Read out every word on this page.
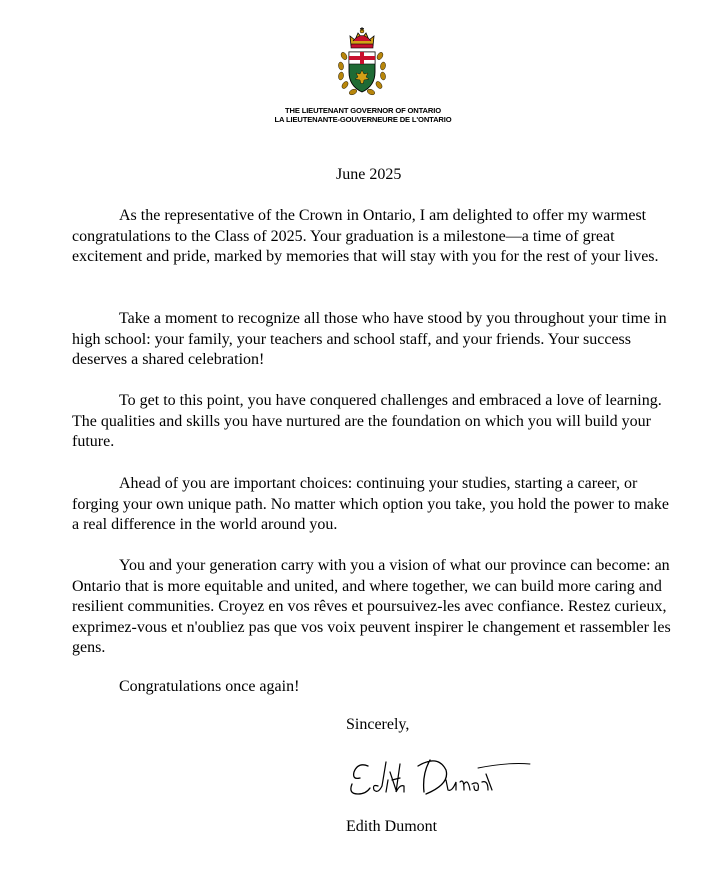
THE LIEUTENANT GOVERNOR OF ONTARIO
LA LIEUTENANTE-GOUVERNEURE DE L'ONTARIO
June 2025

As the representative of the Crown in Ontario, I am delighted to offer my warmest congratulations to the Class of 2025. Your graduation is a milestone—a time of great excitement and pride, marked by memories that will stay with you for the rest of your lives.

Take a moment to recognize all those who have stood by you throughout your time in high school: your family, your teachers and school staff, and your friends. Your success deserves a shared celebration!

To get to this point, you have conquered challenges and embraced a love of learning. The qualities and skills you have nurtured are the foundation on which you will build your future.

Ahead of you are important choices: continuing your studies, starting a career, or forging your own unique path. No matter which option you take, you hold the power to make a real difference in the world around you.

You and your generation carry with you a vision of what our province can become: an Ontario that is more equitable and united, and where together, we can build more caring and resilient communities. Croyez en vos rêves et poursuivez-les avec confiance. Restez curieux, exprimez-vous et n'oubliez pas que vos voix peuvent inspirer le changement et rassembler les gens.

Congratulations once again!

Sincerely,
Edith Dumont
